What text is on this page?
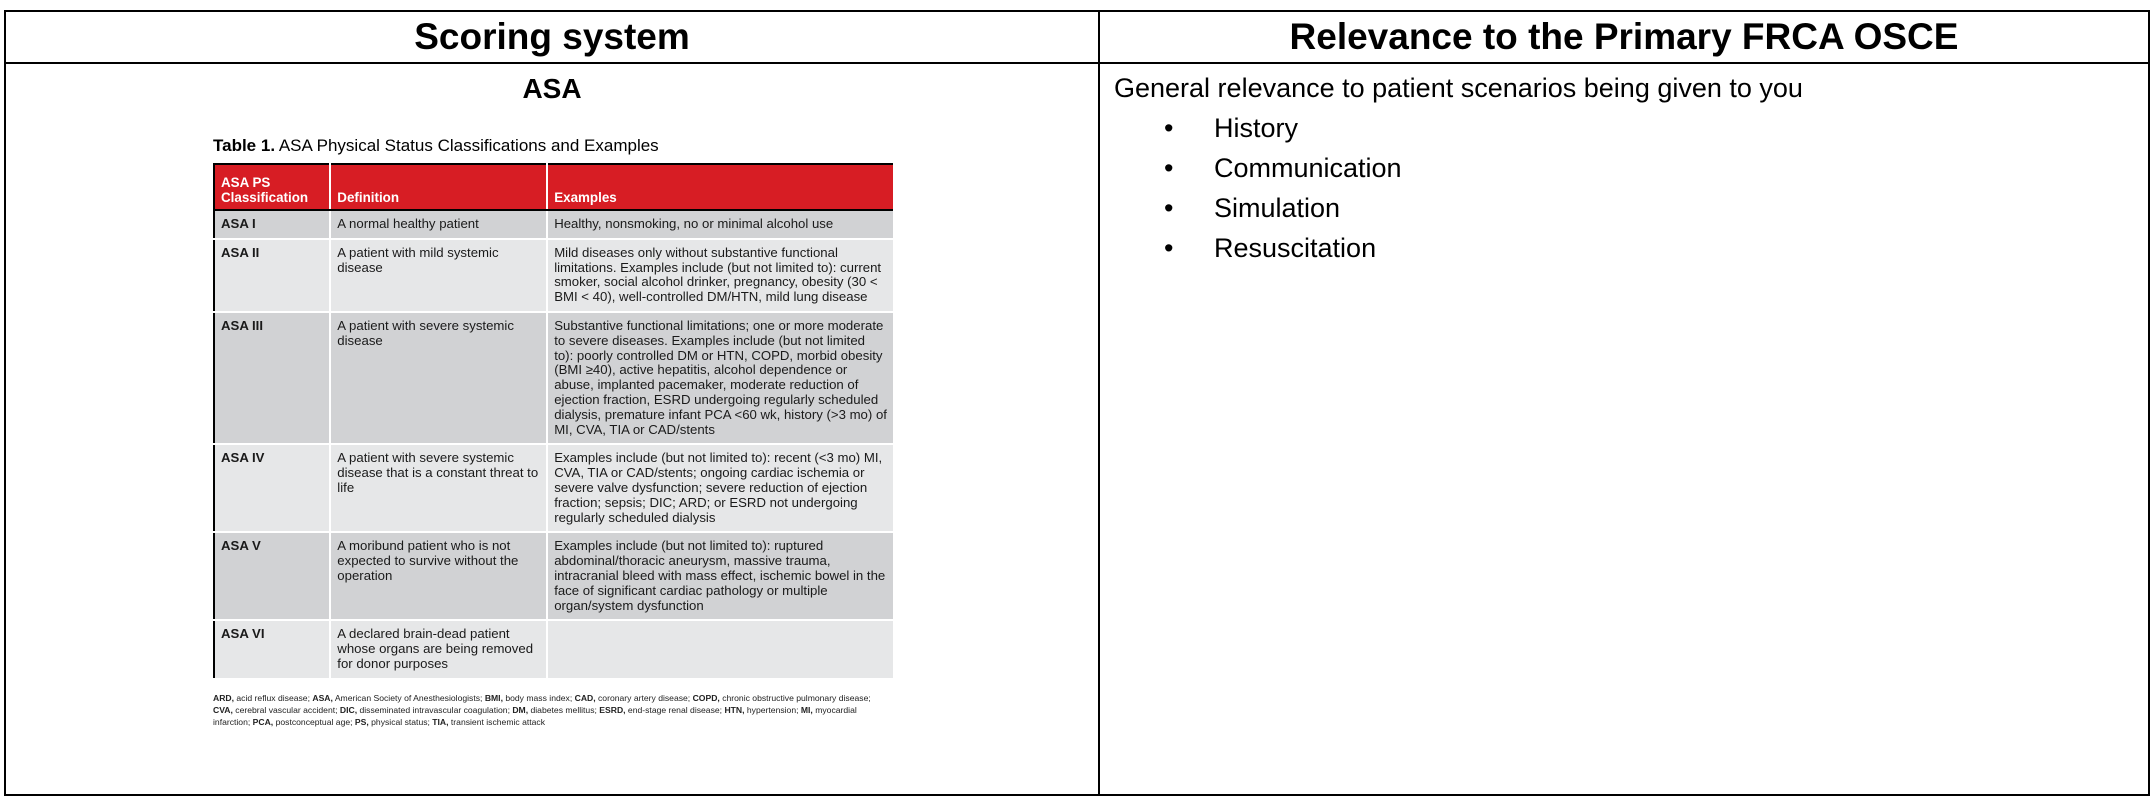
Scoring system	Relevance to the Primary FRCA OSCE

ASA
Table 1. ASA Physical Status Classifications and Examples
ASA PS Classification	Definition	Examples
ASA I	A normal healthy patient	Healthy, nonsmoking, no or minimal alcohol use
ASA II	A patient with mild systemic disease	Mild diseases only without substantive functional limitations. Examples include (but not limited to): current smoker, social alcohol drinker, pregnancy, obesity (30 < BMI < 40), well-controlled DM/HTN, mild lung disease
ASA III	A patient with severe systemic disease	Substantive functional limitations; one or more moderate to severe diseases. Examples include (but not limited to): poorly controlled DM or HTN, COPD, morbid obesity (BMI ≥40), active hepatitis, alcohol dependence or abuse, implanted pacemaker, moderate reduction of ejection fraction, ESRD undergoing regularly scheduled dialysis, premature infant PCA <60 wk, history (>3 mo) of MI, CVA, TIA or CAD/stents
ASA IV	A patient with severe systemic disease that is a constant threat to life	Examples include (but not limited to): recent (<3 mo) MI, CVA, TIA or CAD/stents; ongoing cardiac ischemia or severe valve dysfunction; severe reduction of ejection fraction; sepsis; DIC; ARD; or ESRD not undergoing regularly scheduled dialysis
ASA V	A moribund patient who is not expected to survive without the operation	Examples include (but not limited to): ruptured abdominal/thoracic aneurysm, massive trauma, intracranial bleed with mass effect, ischemic bowel in the face of significant cardiac pathology or multiple organ/system dysfunction
ASA VI	A declared brain-dead patient whose organs are being removed for donor purposes	
ARD, acid reflux disease; ASA, American Society of Anesthesiologists; BMI, body mass index; CAD, coronary artery disease; COPD, chronic obstructive pulmonary disease; CVA, cerebral vascular accident; DIC, disseminated intravascular coagulation; DM, diabetes mellitus; ESRD, end-stage renal disease; HTN, hypertension; MI, myocardial infarction; PCA, postconceptual age; PS, physical status; TIA, transient ischemic attack

General relevance to patient scenarios being given to you
• History
• Communication
• Simulation
• Resuscitation
